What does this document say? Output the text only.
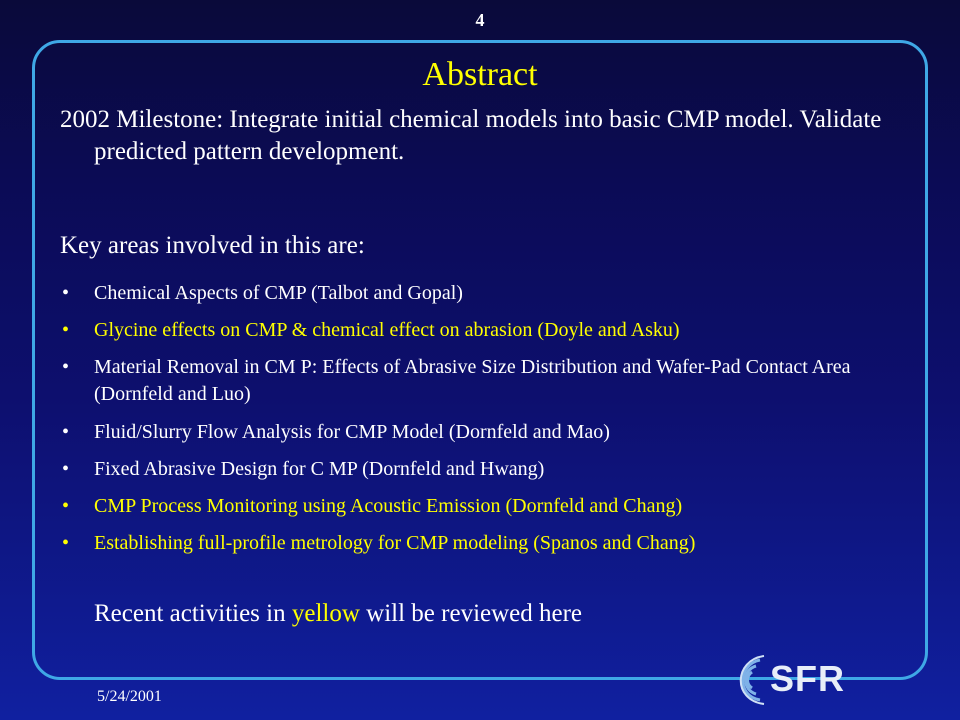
4
Abstract
2002 Milestone: Integrate initial chemical models into basic CMP model. Validate predicted pattern development.
Key areas involved in this are:
• Chemical Aspects of CMP (Talbot and Gopal)
• Glycine effects on CMP & chemical effect on abrasion (Doyle and Asku)
• Material Removal in CM P: Effects of Abrasive Size Distribution and Wafer-Pad Contact Area (Dornfeld and Luo)
• Fluid/Slurry Flow Analysis for CMP Model (Dornfeld and Mao)
• Fixed Abrasive Design for C MP (Dornfeld and Hwang)
• CMP Process Monitoring using Acoustic Emission (Dornfeld and Chang)
• Establishing full-profile metrology for CMP modeling (Spanos and Chang)
Recent activities in yellow will be reviewed here
5/24/2001	SFR
